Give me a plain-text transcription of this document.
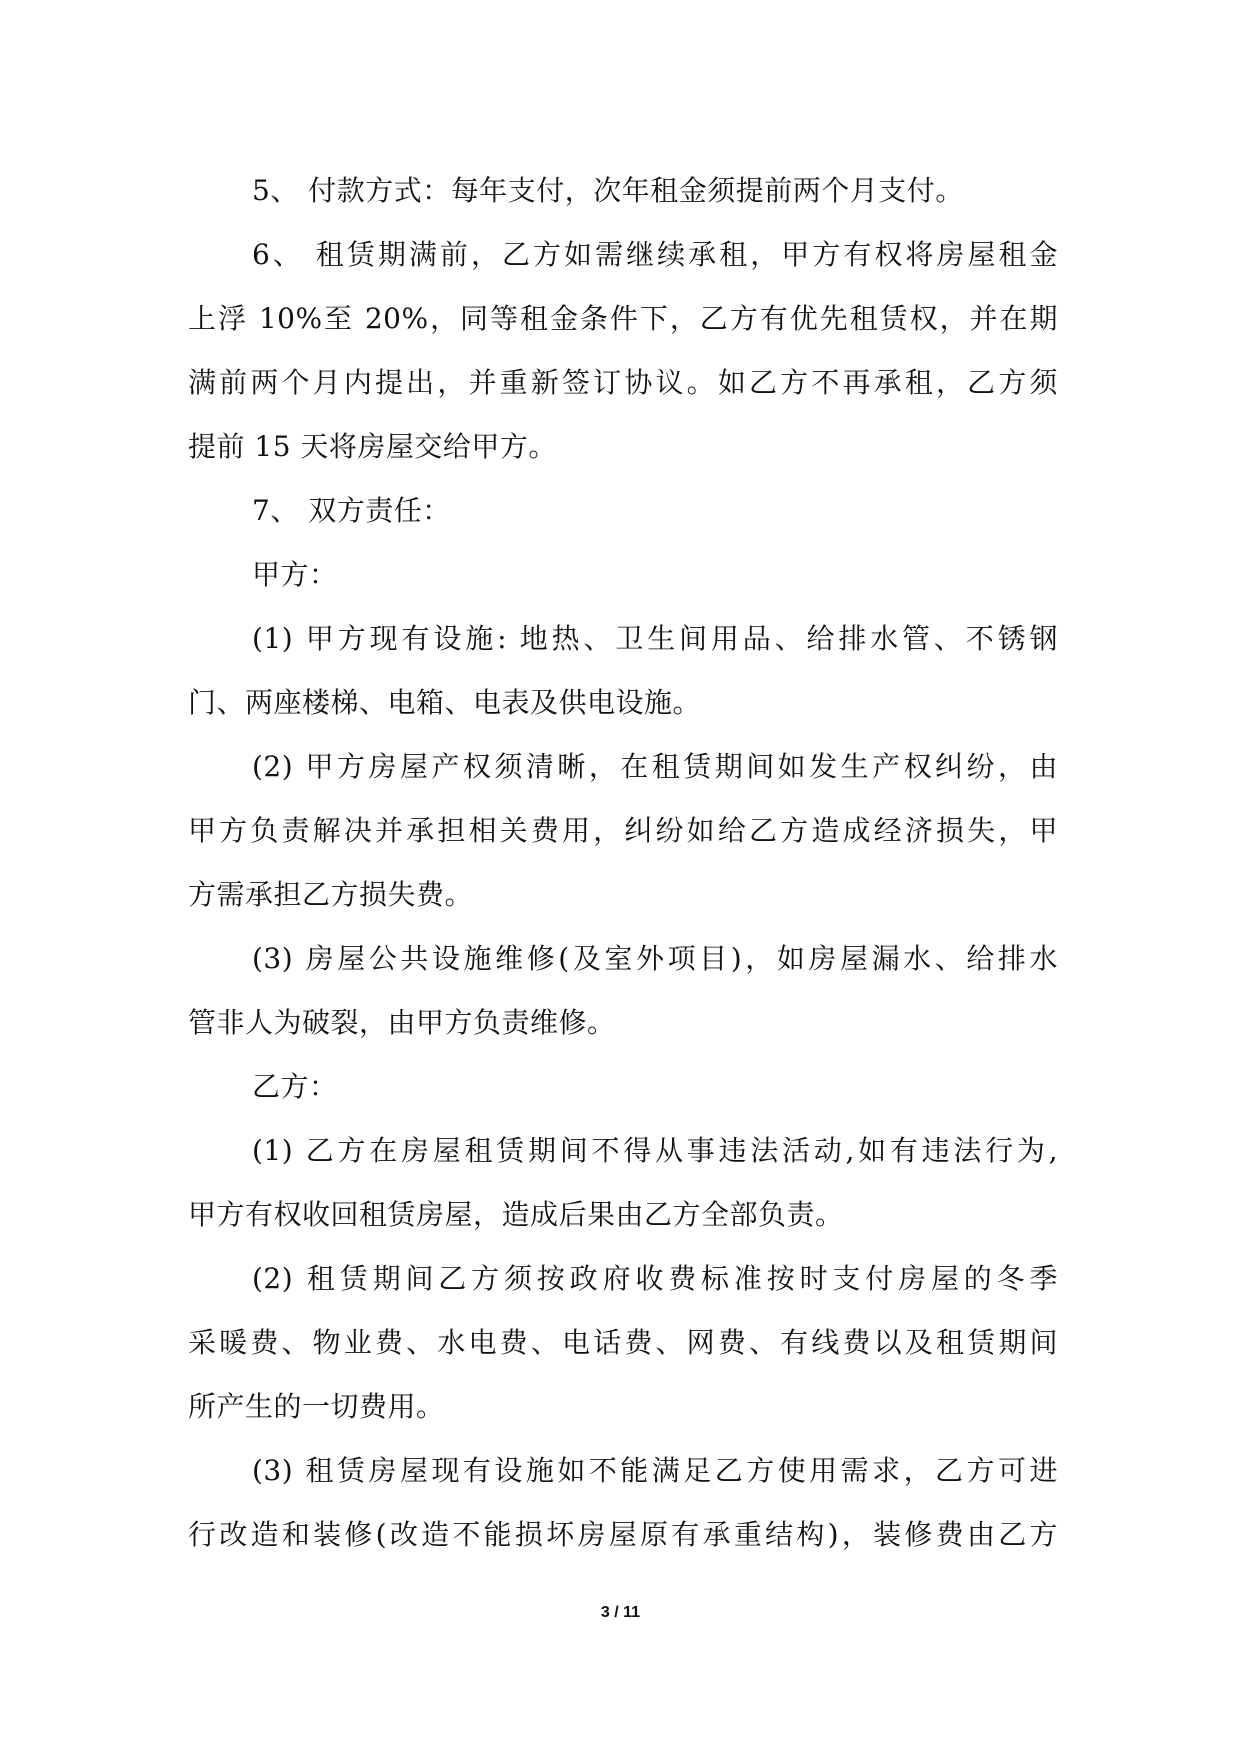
5、 付款方式：每年支付，次年租金须提前两个月支付。
6、 租赁期满前，乙方如需继续承租，甲方有权将房屋租金
上浮 10%至 20%，同等租金条件下，乙方有优先租赁权，并在期
满前两个月内提出，并重新签订协议。如乙方不再承租，乙方须
提前 15 天将房屋交给甲方。
7、 双方责任：
甲方：
(1) 甲方现有设施: 地热、卫生间用品、给排水管、不锈钢
门、两座楼梯、电箱、电表及供电设施。
(2) 甲方房屋产权须清晰，在租赁期间如发生产权纠纷，由
甲方负责解决并承担相关费用，纠纷如给乙方造成经济损失，甲
方需承担乙方损失费。
(3) 房屋公共设施维修(及室外项目)，如房屋漏水、给排水
管非人为破裂，由甲方负责维修。
乙方：
(1) 乙方在房屋租赁期间不得从事违法活动,如有违法行为,
甲方有权收回租赁房屋，造成后果由乙方全部负责。
(2) 租赁期间乙方须按政府收费标准按时支付房屋的冬季
采暖费、物业费、水电费、电话费、网费、有线费以及租赁期间
所产生的一切费用。
(3) 租赁房屋现有设施如不能满足乙方使用需求，乙方可进
行改造和装修(改造不能损坏房屋原有承重结构)，装修费由乙方
3 / 11
